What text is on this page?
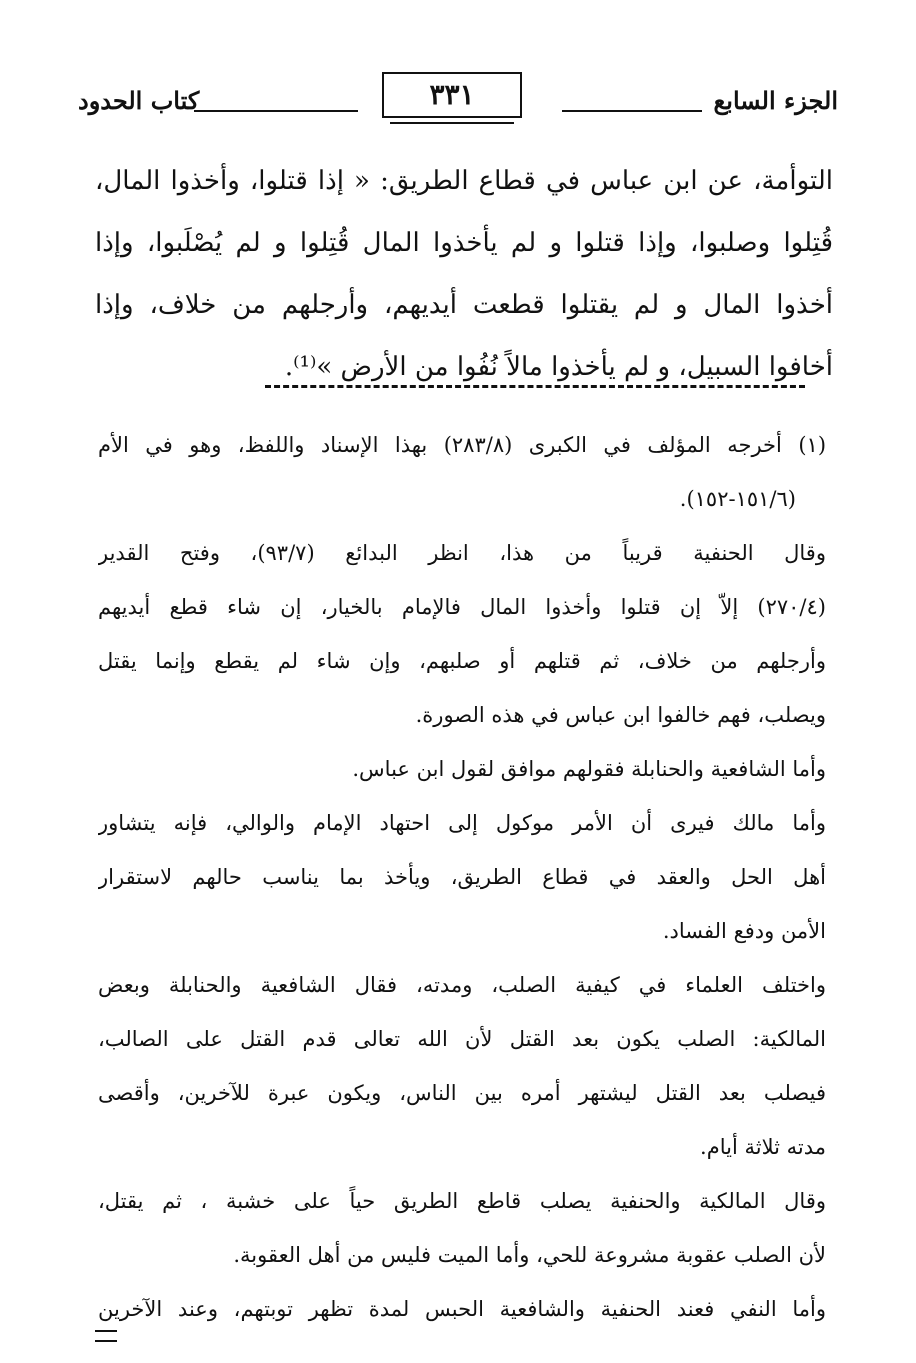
الجزء السابع
٣٣١
كتاب الحدود
التوأمة، عن ابن عباس في قطاع الطريق: « إذا قتلوا، وأخذوا المال،
قُتِلوا وصلبوا، وإذا قتلوا و لم يأخذوا المال قُتِلوا و لم يُصْلَبوا، وإذا
أخذوا المال و لم يقتلوا قطعت أيديهم، وأرجلهم من خلاف، وإذا
أخافوا السبيل، و لم يأخذوا مالاً نُفُوا من الأرض »⁽¹⁾.
(١) أخرجه المؤلف في الكبرى (٢٨٣/٨) بهذا الإسناد واللفظ، وهو في الأم
(١٥١/٦-١٥٢).
وقال الحنفية قريباً من هذا، انظر البدائع (٩٣/٧)، وفتح القدير
(٢٧٠/٤) إلاّ إن قتلوا وأخذوا المال فالإمام بالخيار، إن شاء قطع أيديهم
وأرجلهم من خلاف، ثم قتلهم أو صلبهم، وإن شاء لم يقطع وإنما يقتل
ويصلب، فهم خالفوا ابن عباس في هذه الصورة.
وأما الشافعية والحنابلة فقولهم موافق لقول ابن عباس.
وأما مالك فيرى أن الأمر موكول إلى احتهاد الإمام والوالي، فإنه يتشاور
أهل الحل والعقد في قطاع الطريق، ويأخذ بما يناسب حالهم لاستقرار
الأمن ودفع الفساد.
واختلف العلماء في كيفية الصلب، ومدته، فقال الشافعية والحنابلة وبعض
المالكية: الصلب يكون بعد القتل لأن الله تعالى قدم القتل على الصالب،
فيصلب بعد القتل ليشتهر أمره بين الناس، ويكون عبرة للآخرين، وأقصى
مدته ثلاثة أيام.
وقال المالكية والحنفية يصلب قاطع الطريق حياً على خشبة ، ثم يقتل،
لأن الصلب عقوبة مشروعة للحي، وأما الميت فليس من أهل العقوبة.
وأما النفي فعند الحنفية والشافعية الحبس لمدة تظهر توبتهم، وعند الآخرين
